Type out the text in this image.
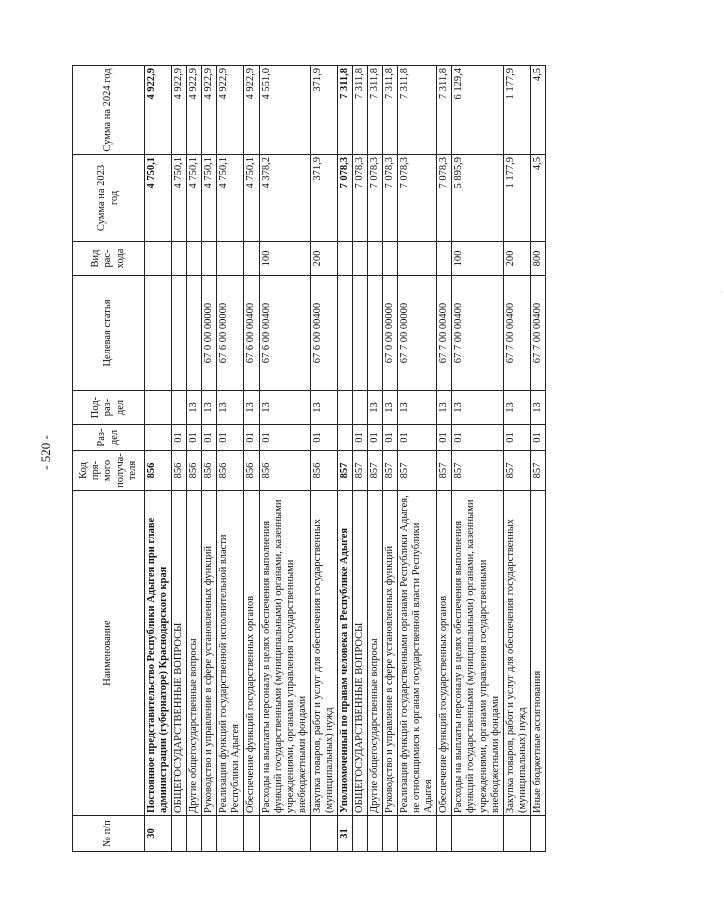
- 520 -
№ п/п	Наименование	Код пря-мого получа-теля	Раз-дел	Под-раз-дел	Целевая статья	Вид рас-хода	Сумма на 2023 год	Сумма на 2024 год
30	Постоянное представительство Республики Адыгея при главе администрации (губернаторе) Краснодарского края	856					4 750,1	4 922,9
	ОБЩЕГОСУДАРСТВЕННЫЕ ВОПРОСЫ	856	01				4 750,1	4 922,9
	Другие общегосударственные вопросы	856	01	13			4 750,1	4 922,9
	Руководство и управление в сфере установленных функций	856	01	13	67 0 00 00000		4 750,1	4 922,9
	Реализация функций государственной исполнительной власти Республики Адыгея	856	01	13	67 6 00 00000		4 750,1	4 922,9
	Обеспечение функций государственных органов	856	01	13	67 6 00 00400		4 750,1	4 922,9
	Расходы на выплаты персоналу в целях обеспечения выполнения функций государственными (муниципальными) органами, казенными учреждениями, органами управления государственными внебюджетными фондами	856	01	13	67 6 00 00400	100	4 378,2	4 551,0
	Закупка товаров, работ и услуг для обеспечения государственных (муниципальных) нужд	856	01	13	67 6 00 00400	200	371,9	371,9
31	Уполномоченный по правам человека в Республике Адыгея	857					7 078,3	7 311,8
	ОБЩЕГОСУДАРСТВЕННЫЕ ВОПРОСЫ	857	01				7 078,3	7 311,8
	Другие общегосударственные вопросы	857	01	13			7 078,3	7 311,8
	Руководство и управление в сфере установленных функций	857	01	13	67 0 00 00000		7 078,3	7 311,8
	Реализация функций государственными органами Республики Адыгея, не относящимися к органам государственной власти Республики Адыгея	857	01	13	67 7 00 00000		7 078,3	7 311,8
	Обеспечение функций государственных органов	857	01	13	67 7 00 00400		7 078,3	7 311,8
	Расходы на выплаты персоналу в целях обеспечения выполнения функций государственными (муниципальными) органами, казенными учреждениями, органами управления государственными внебюджетными фондами	857	01	13	67 7 00 00400	100	5 895,9	6 129,4
	Закупка товаров, работ и услуг для обеспечения государственных (муниципальных) нужд	857	01	13	67 7 00 00400	200	1 177,9	1 177,9
	Иные бюджетные ассигнования	857	01	13	67 7 00 00400	800	4,5	4,5
.
